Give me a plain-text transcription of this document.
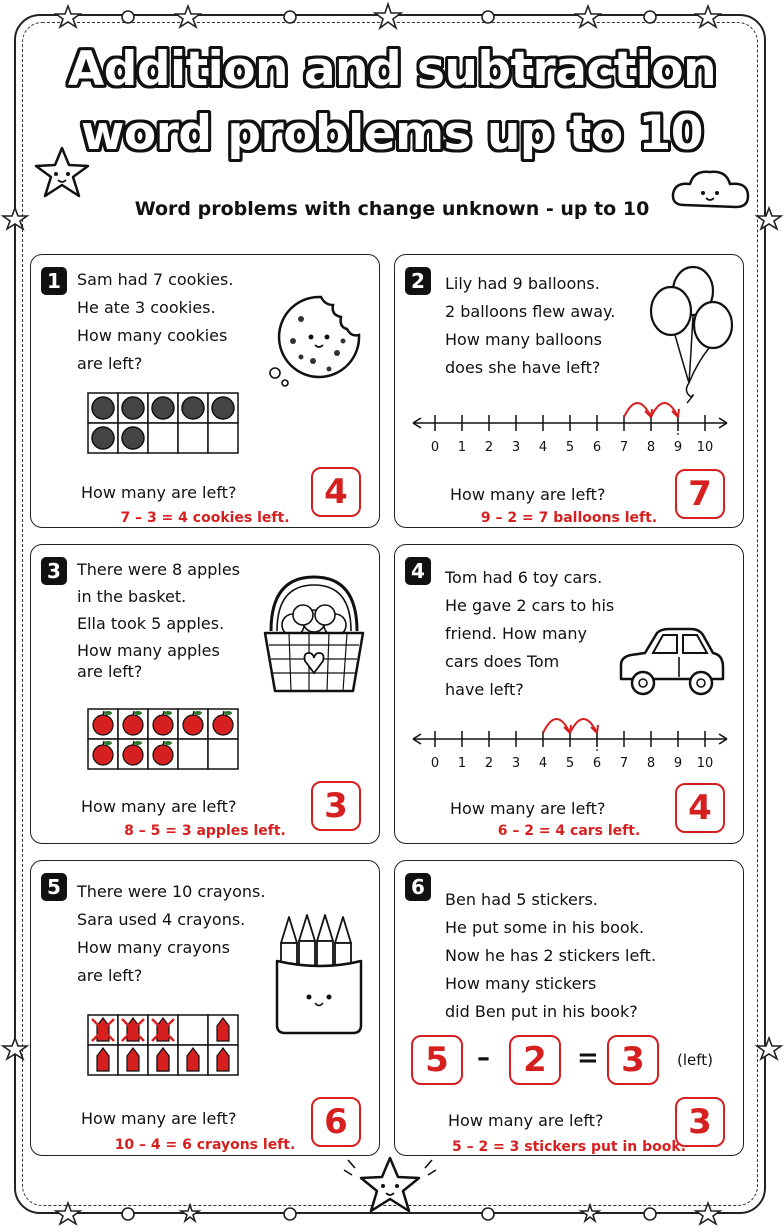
Addition and subtraction
word problems up to 10
Word problems with change unknown - up to 10
1	Sam had 7 cookies.
He ate 3 cookies.
How many cookies
are left?
How many are left?	4
7 – 3 = 4 cookies left.
2	Lily had 9 balloons.
2 balloons flew away.
How many balloons
does she have left?
0 1 2 3 4 5 6 7 8 9 10
How many are left?	7
9 – 2 = 7 balloons left.
3	There were 8 apples
in the basket.
Ella took 5 apples.
How many apples
are left?
How many are left?	3
8 – 5 = 3 apples left.
4	Tom had 6 toy cars.
He gave 2 cars to his
friend. How many
cars does Tom
have left?
0 1 2 3 4 5 6 7 8 9 10
How many are left?	4
6 – 2 = 4 cars left.
5	There were 10 crayons.
Sara used 4 crayons.
How many crayons
are left?
How many are left?	6
10 – 4 = 6 crayons left.
6
Ben had 5 stickers.
He put some in his book.
Now he has 2 stickers left.
How many stickers
did Ben put in his book?
5	– 2	= 3	(left)
How many are left?	3
5 – 2 = 3 stickers put in book.
